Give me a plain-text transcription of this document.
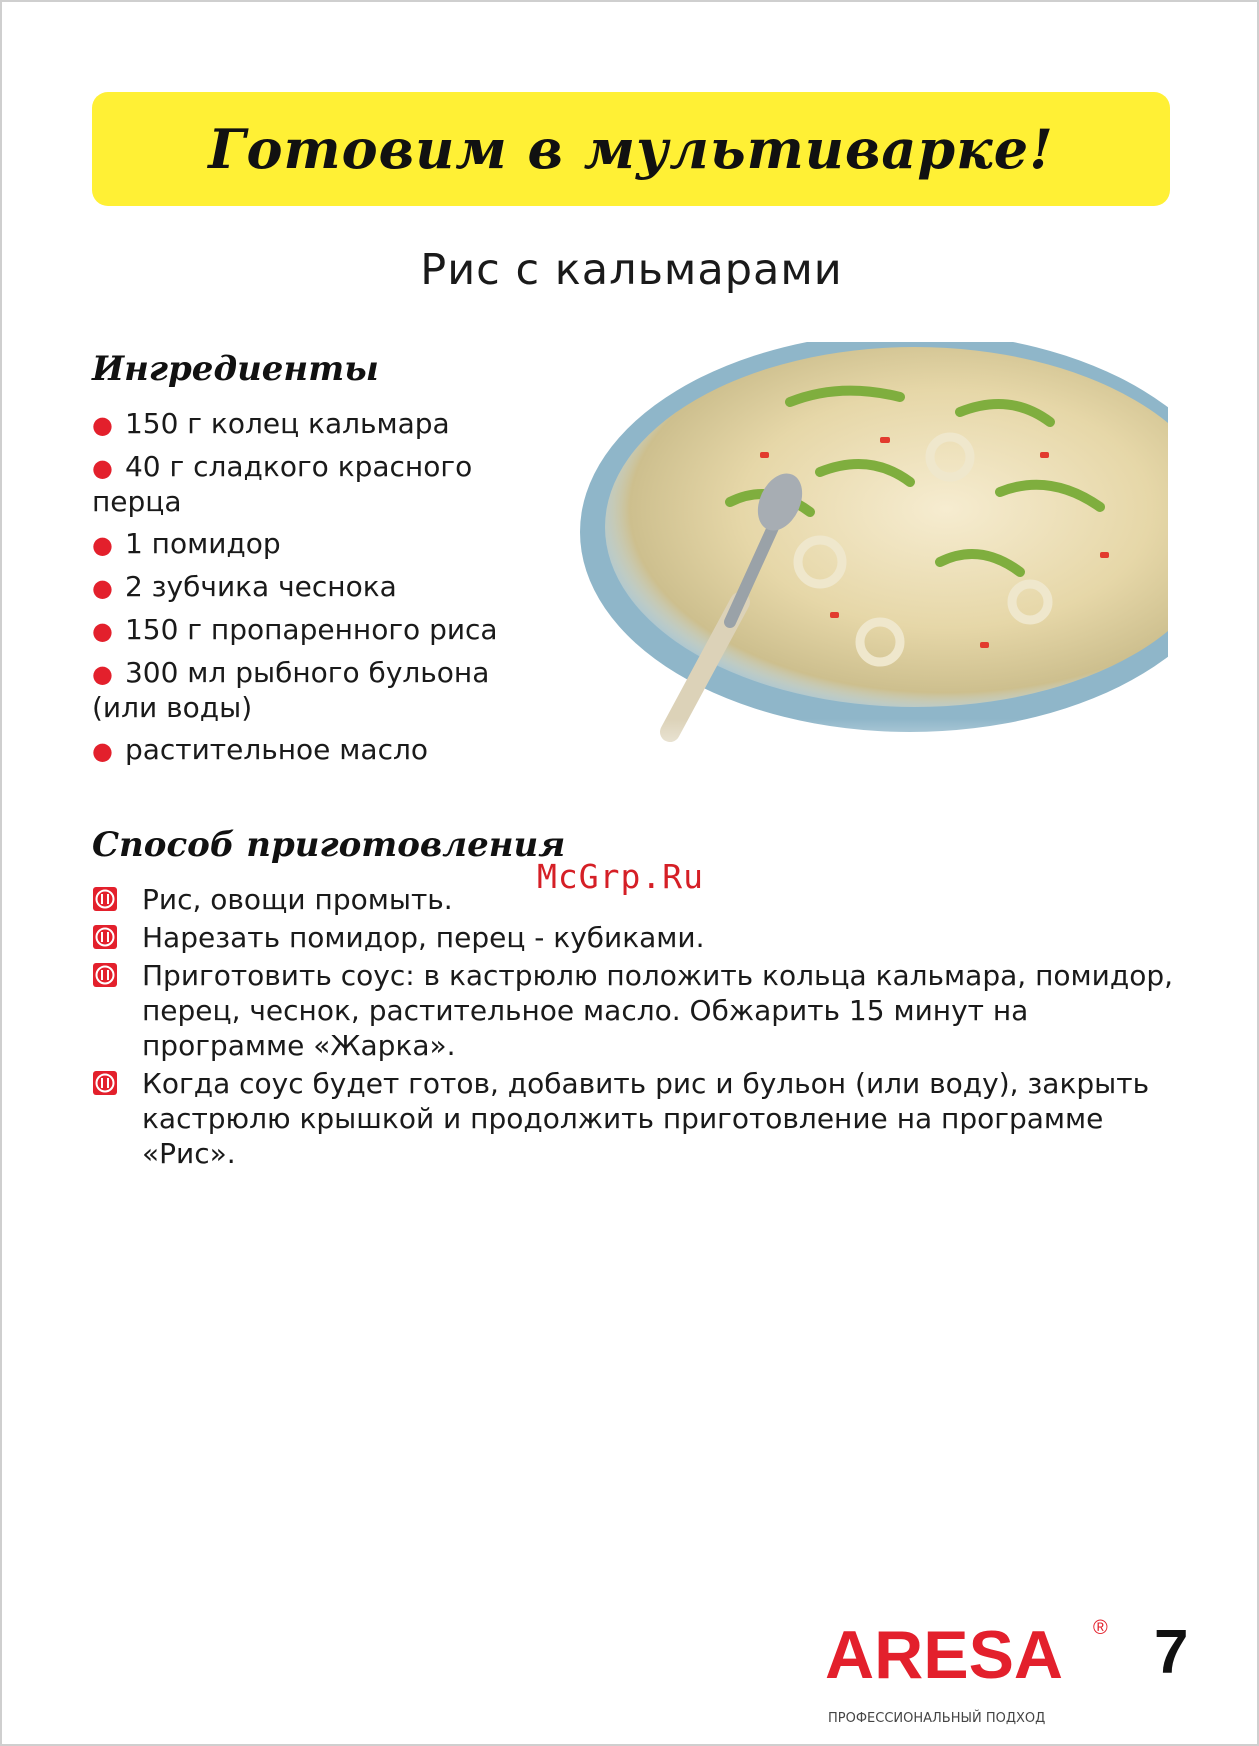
Готовим в мультиварке!
Рис с кальмарами
Ингредиенты
● 150 г колец кальмара
● 40 г сладкого красного перца
● 1 помидор
● 2 зубчика чеснока
● 150 г пропаренного риса
● 300 мл рыбного бульона (или воды)
● растительное масло
Способ приготовления
McGrp.Ru
Рис, овощи промыть.
Нарезать помидор, перец - кубиками.
Приготовить соус: в кастрюлю положить кольца кальмара, помидор, перец, чеснок, растительное масло. Обжарить 15 минут на программе «Жарка».
Когда соус будет готов, добавить рис и бульон (или воду), закрыть кастрюлю крышкой и продолжить приготовление на программе «Рис».
ARESA ®
ПРОФЕССИОНАЛЬНЫЙ ПОДХОД
7
